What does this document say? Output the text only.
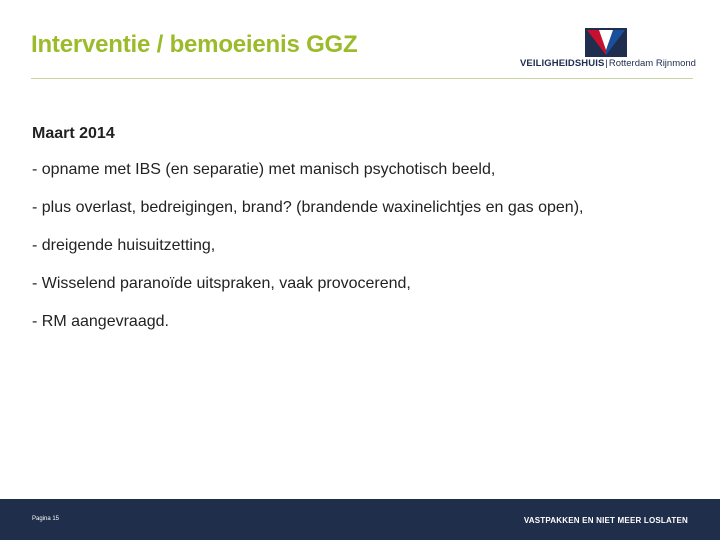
Interventie / bemoeienis GGZ
VEILIGHEIDSHUIS|Rotterdam Rijnmond
Maart 2014
- opname met IBS (en separatie) met manisch psychotisch beeld,
- plus overlast, bedreigingen, brand? (brandende waxinelichtjes en gas open),
- dreigende huisuitzetting,
- Wisselend paranoïde uitspraken, vaak provocerend,
- RM aangevraagd.
Pagina 15	VASTPAKKEN EN NIET MEER LOSLATEN
